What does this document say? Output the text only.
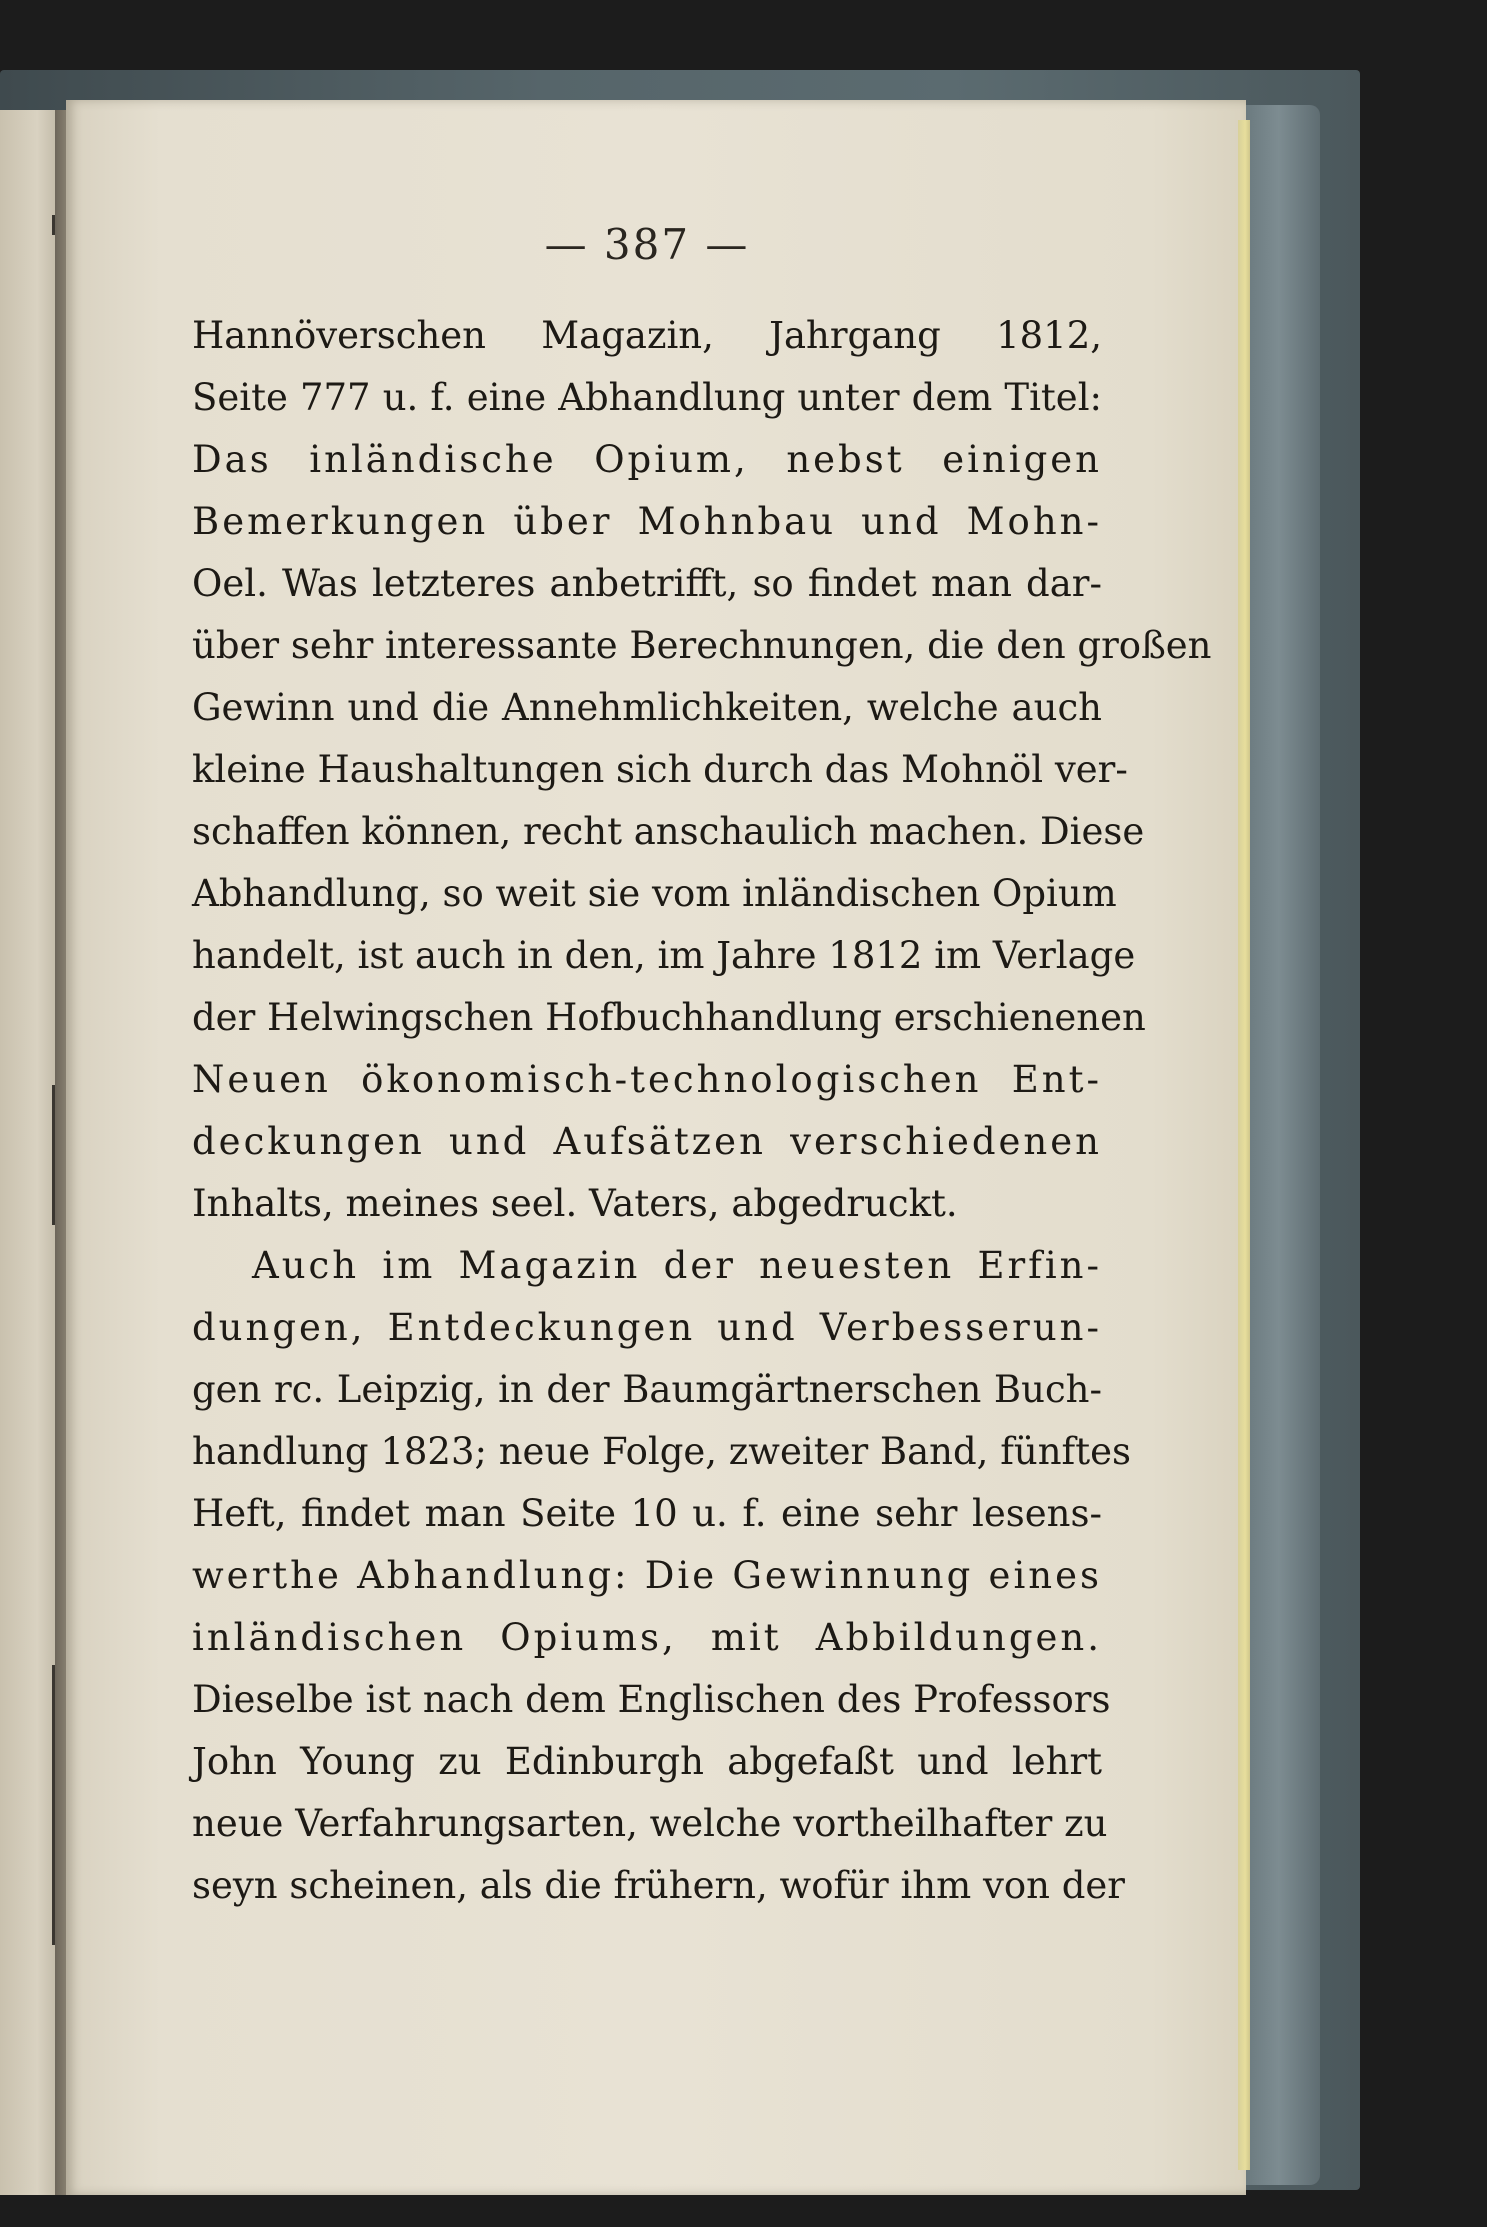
— 387 —
Hannöverschen Magazin, Jahrgang 1812,
Seite 777 u. f. eine Abhandlung unter dem Titel:
Das inländische Opium, nebst einigen
Bemerkungen über Mohnbau und Mohn-
Oel. Was letzteres anbetrifft, so findet man dar-
über sehr interessante Berechnungen, die den großen
Gewinn und die Annehmlichkeiten, welche auch
kleine Haushaltungen sich durch das Mohnöl ver-
schaffen können, recht anschaulich machen. Diese
Abhandlung, so weit sie vom inländischen Opium
handelt, ist auch in den, im Jahre 1812 im Verlage
der Helwingschen Hofbuchhandlung erschienenen
Neuen ökonomisch-technologischen Ent-
deckungen und Aufsätzen verschiedenen
Inhalts, meines seel. Vaters, abgedruckt.
Auch im Magazin der neuesten Erfin-
dungen, Entdeckungen und Verbesserun-
gen rc. Leipzig, in der Baumgärtnerschen Buch-
handlung 1823; neue Folge, zweiter Band, fünftes
Heft, findet man Seite 10 u. f. eine sehr lesens-
werthe Abhandlung: Die Gewinnung eines
inländischen Opiums, mit Abbildungen.
Dieselbe ist nach dem Englischen des Professors
John Young zu Edinburgh abgefaßt und lehrt
neue Verfahrungsarten, welche vortheilhafter zu
seyn scheinen, als die frühern, wofür ihm von der
